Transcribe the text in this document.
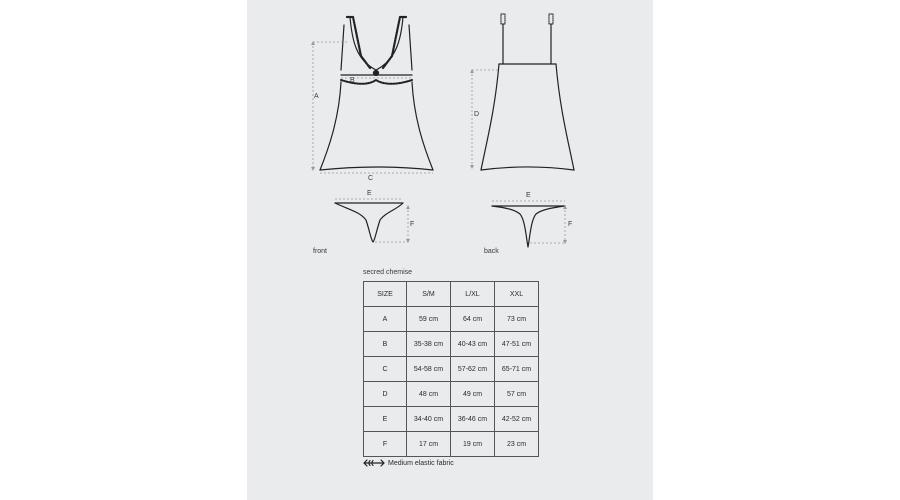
A
B
C
D
E
F
E
F
front	back
secred chemise
SIZE	S/M	L/XL	XXL
A	59 cm	64 cm	73 cm
B	35-38 cm	40-43 cm	47-51 cm
C	54-58 cm	57-62 cm	65-71 cm
D	48 cm	49 cm	57 cm
E	34-40 cm	36-46 cm	42-52 cm
F	17 cm	19 cm	23 cm
Medium elastic fabric
